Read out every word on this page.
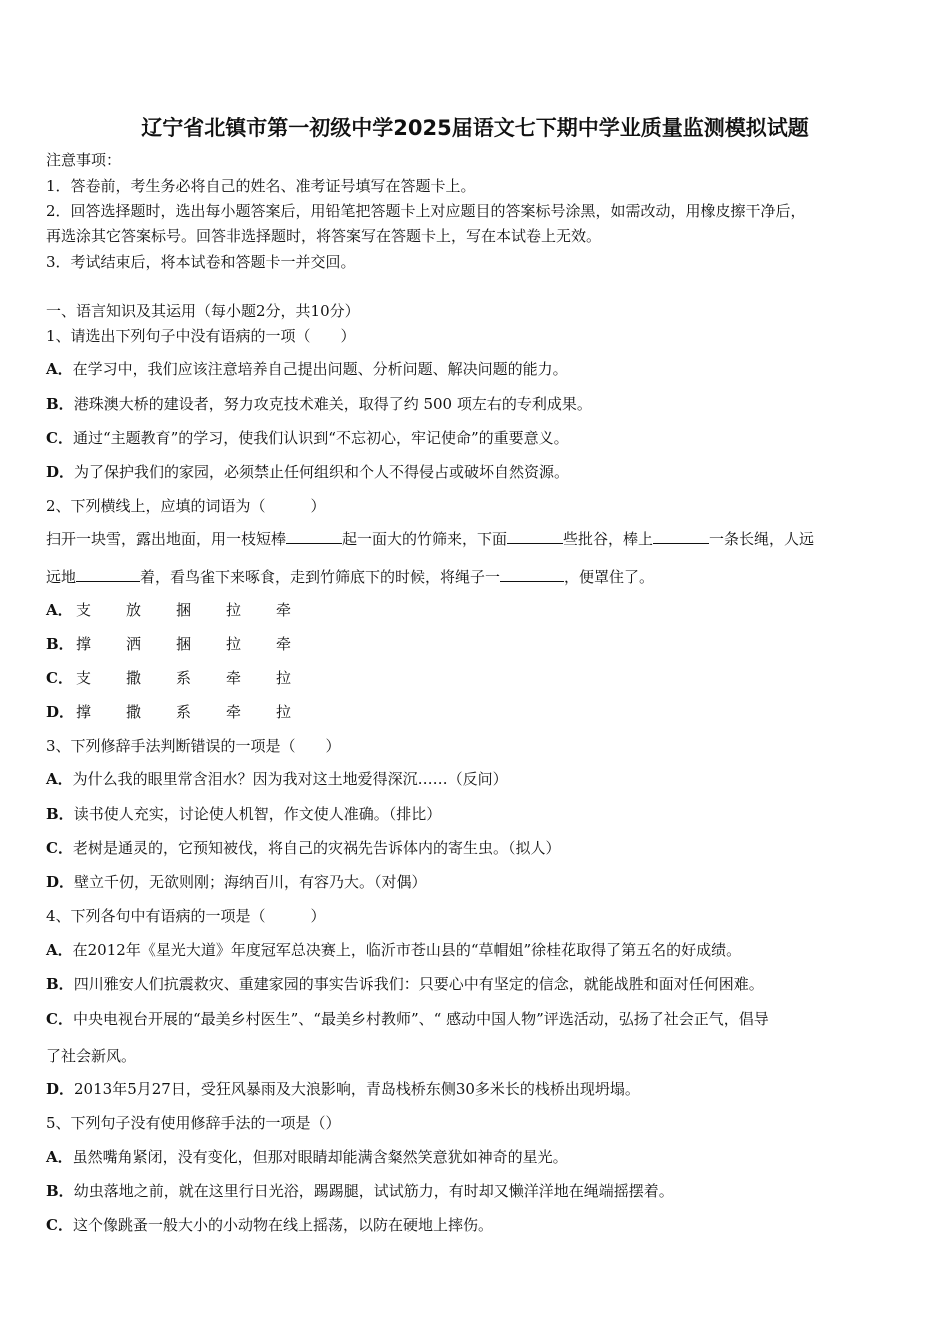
辽宁省北镇市第一初级中学2025届语文七下期中学业质量监测模拟试题
注意事项：
1．答卷前，考生务必将自己的姓名、准考证号填写在答题卡上。
2．回答选择题时，选出每小题答案后，用铅笔把答题卡上对应题目的答案标号涂黑，如需改动，用橡皮擦干净后，
再选涂其它答案标号。回答非选择题时，将答案写在答题卡上，写在本试卷上无效。
3．考试结束后，将本试卷和答题卡一并交回。
一、语言知识及其运用（每小题2分，共10分）
1、请选出下列句子中没有语病的一项（　　）
A．在学习中，我们应该注意培养自己提出问题、分析问题、解决问题的能力。
B．港珠澳大桥的建设者，努力攻克技术难关，取得了约 500 项左右的专利成果。
C．通过“主题教育”的学习，使我们认识到“不忘初心，牢记使命”的重要意义。
D．为了保护我们的家园，必须禁止任何组织和个人不得侵占或破坏自然资源。
2、下列横线上，应填的词语为（　　　）
扫开一块雪，露出地面，用一枝短棒	起一面大的竹筛来，下面	些批谷，棒上	一条长绳，人远
远地	着，看鸟雀下来啄食，走到竹筛底下的时候，将绳子一	，便罩住了。
A． 支 放 捆 拉 牵
B． 撑 洒 捆 拉 牵
C． 支 撒 系 牵 拉
D． 撑 撒 系 牵 拉
3、下列修辞手法判断错误的一项是（　　）
A．为什么我的眼里常含泪水？因为我对这土地爱得深沉……（反问）
B．读书使人充实，讨论使人机智，作文使人准确。（排比）
C．老树是通灵的，它预知被伐，将自己的灾祸先告诉体内的寄生虫。（拟人）
D．壁立千仞，无欲则刚；海纳百川，有容乃大。（对偶）
4、下列各句中有语病的一项是（　　　）
A．在2012年《星光大道》年度冠军总决赛上，临沂市苍山县的“草帽姐”徐桂花取得了第五名的好成绩。
B．四川雅安人们抗震救灾、重建家园的事实告诉我们：只要心中有坚定的信念，就能战胜和面对任何困难。
C．中央电视台开展的“最美乡村医生”、“最美乡村教师”、“ 感动中国人物”评选活动，弘扬了社会正气，倡导
了社会新风。
D．2013年5月27日，受狂风暴雨及大浪影响，青岛栈桥东侧30多米长的栈桥出现坍塌。
5、下列句子没有使用修辞手法的一项是（）
A．虽然嘴角紧闭，没有变化，但那对眼睛却能满含粲然笑意犹如神奇的星光。
B．幼虫落地之前，就在这里行日光浴，踢踢腿，试试筋力，有时却又懒洋洋地在绳端摇摆着。
C．这个像跳蚤一般大小的小动物在线上摇荡，以防在硬地上摔伤。
